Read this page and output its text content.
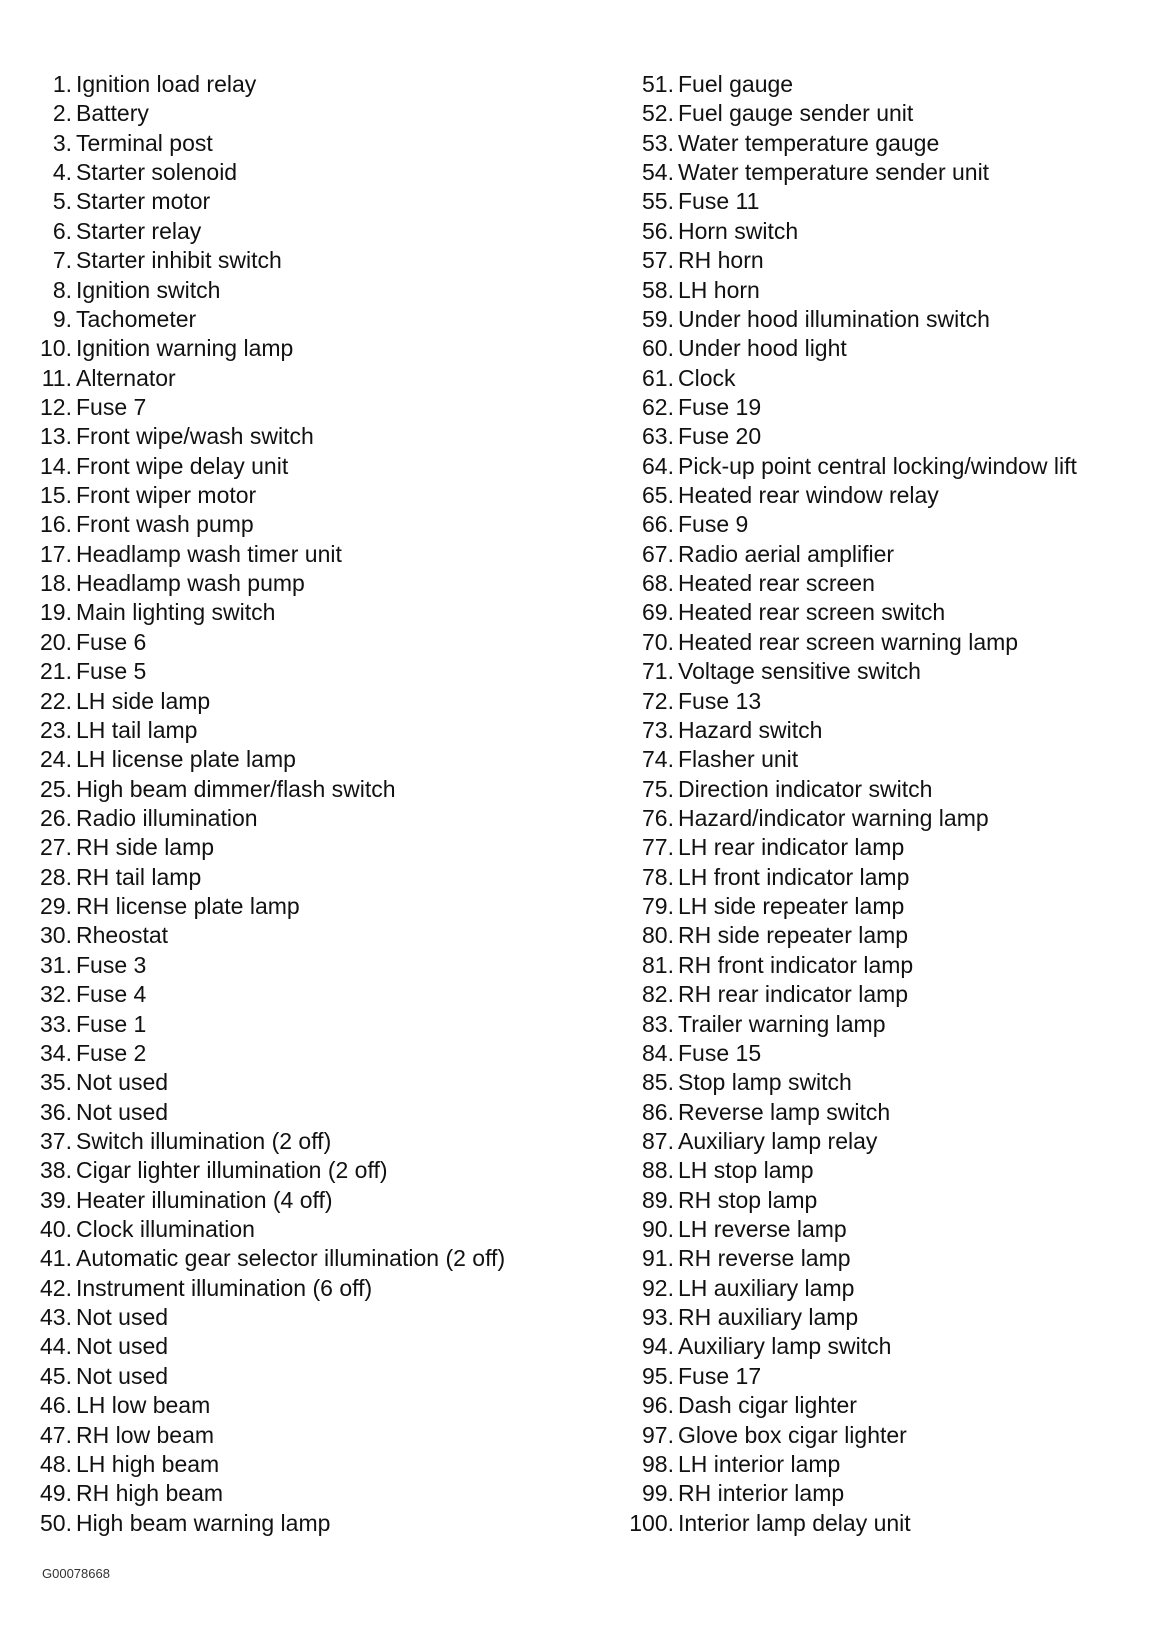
1. Ignition load relay
2. Battery
3. Terminal post
4. Starter solenoid
5. Starter motor
6. Starter relay
7. Starter inhibit switch
8. Ignition switch
9. Tachometer
10. Ignition warning lamp
11. Alternator
12. Fuse 7
13. Front wipe/wash switch
14. Front wipe delay unit
15. Front wiper motor
16. Front wash pump
17. Headlamp wash timer unit
18. Headlamp wash pump
19. Main lighting switch
20. Fuse 6
21. Fuse 5
22. LH side lamp
23. LH tail lamp
24. LH license plate lamp
25. High beam dimmer/flash switch
26. Radio illumination
27. RH side lamp
28. RH tail lamp
29. RH license plate lamp
30. Rheostat
31. Fuse 3
32. Fuse 4
33. Fuse 1
34. Fuse 2
35. Not used
36. Not used
37. Switch illumination (2 off)
38. Cigar lighter illumination (2 off)
39. Heater illumination (4 off)
40. Clock illumination
41. Automatic gear selector illumination (2 off)
42. Instrument illumination (6 off)
43. Not used
44. Not used
45. Not used
46. LH low beam
47. RH low beam
48. LH high beam
49. RH high beam
50. High beam warning lamp
51. Fuel gauge
52. Fuel gauge sender unit
53. Water temperature gauge
54. Water temperature sender unit
55. Fuse 11
56. Horn switch
57. RH horn
58. LH horn
59. Under hood illumination switch
60. Under hood light
61. Clock
62. Fuse 19
63. Fuse 20
64. Pick-up point central locking/window lift
65. Heated rear window relay
66. Fuse 9
67. Radio aerial amplifier
68. Heated rear screen
69. Heated rear screen switch
70. Heated rear screen warning lamp
71. Voltage sensitive switch
72. Fuse 13
73. Hazard switch
74. Flasher unit
75. Direction indicator switch
76. Hazard/indicator warning lamp
77. LH rear indicator lamp
78. LH front indicator lamp
79. LH side repeater lamp
80. RH side repeater lamp
81. RH front indicator lamp
82. RH rear indicator lamp
83. Trailer warning lamp
84. Fuse 15
85. Stop lamp switch
86. Reverse lamp switch
87. Auxiliary lamp relay
88. LH stop lamp
89. RH stop lamp
90. LH reverse lamp
91. RH reverse lamp
92. LH auxiliary lamp
93. RH auxiliary lamp
94. Auxiliary lamp switch
95. Fuse 17
96. Dash cigar lighter
97. Glove box cigar lighter
98. LH interior lamp
99. RH interior lamp
100. Interior lamp delay unit
G00078668
